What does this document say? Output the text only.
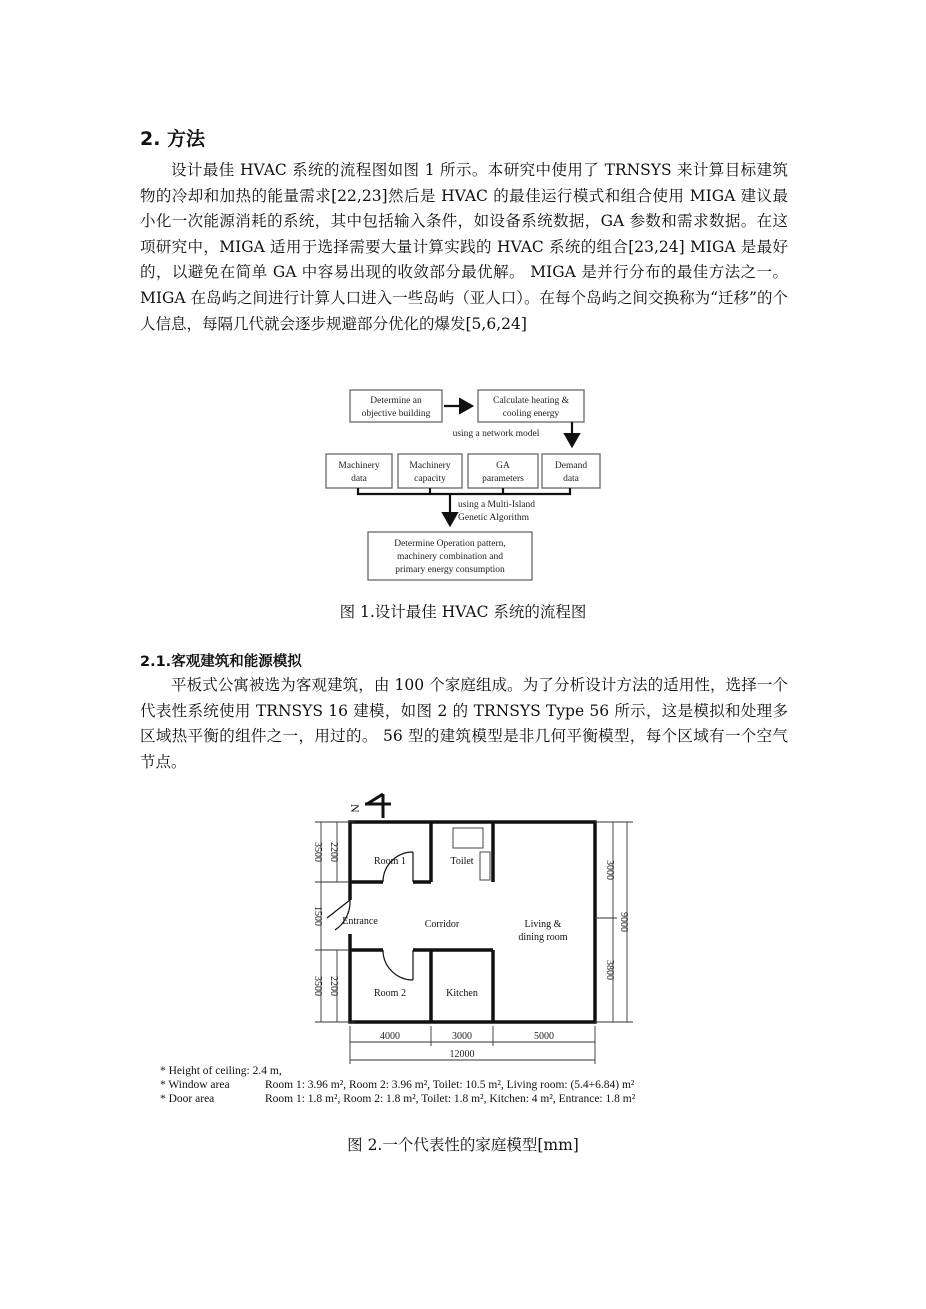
2. 方法

设计最佳 HVAC 系统的流程图如图 1 所示。本研究中使用了 TRNSYS 来计算目标建筑物的冷却和加热的能量需求[22,23]然后是 HVAC 的最佳运行模式和组合使用 MIGA 建议最小化一次能源消耗的系统，其中包括输入条件，如设备系统数据，GA 参数和需求数据。在这项研究中，MIGA 适用于选择需要大量计算实践的 HVAC 系统的组合[23,24] MIGA 是最好的，以避免在简单 GA 中容易出现的收敛部分最优解。 MIGA 是并行分布的最佳方法之一。 MIGA 在岛屿之间进行计算人口进入一些岛屿（亚人口）。在每个岛屿之间交换称为“迁移”的个人信息，每隔几代就会逐步规避部分优化的爆发[5,6,24]

Determine an
objective building
Calculate heating &
cooling energy
using a network model
Machinery
data
Machinery
capacity
GA
parameters
Demand
data
using a Multi-Island
Genetic Algorithm
Determine Operation pattern,
machinery combination and
primary energy consumption
图 1.设计最佳 HVAC 系统的流程图
2.1.客观建筑和能源模拟

平板式公寓被选为客观建筑，由 100 个家庭组成。为了分析设计方法的适用性，选择一个代表性系统使用 TRNSYS 16 建模，如图 2 的 TRNSYS Type 56 所示，这是模拟和处理多区域热平衡的组件之一，用过的。 56 型的建筑模型是非几何平衡模型，每个区域有一个空气节点。

N
Room 1	Toilet
Entrance	Corridor	Living &
dining room
Room 2	Kitchen
3500 2200
1500
3500 2200
3000
3800
9000
4000	3000	5000
12000
* Height of ceiling: 2.4 m,
* Window area	Room 1: 3.96 m², Room 2: 3.96 m², Toilet: 10.5 m², Living room: (5.4+6.84) m²
* Door area	Room 1: 1.8 m², Room 2: 1.8 m², Toilet: 1.8 m², Kitchen: 4 m², Entrance: 1.8 m²
图 2.一个代表性的家庭模型[mm]
